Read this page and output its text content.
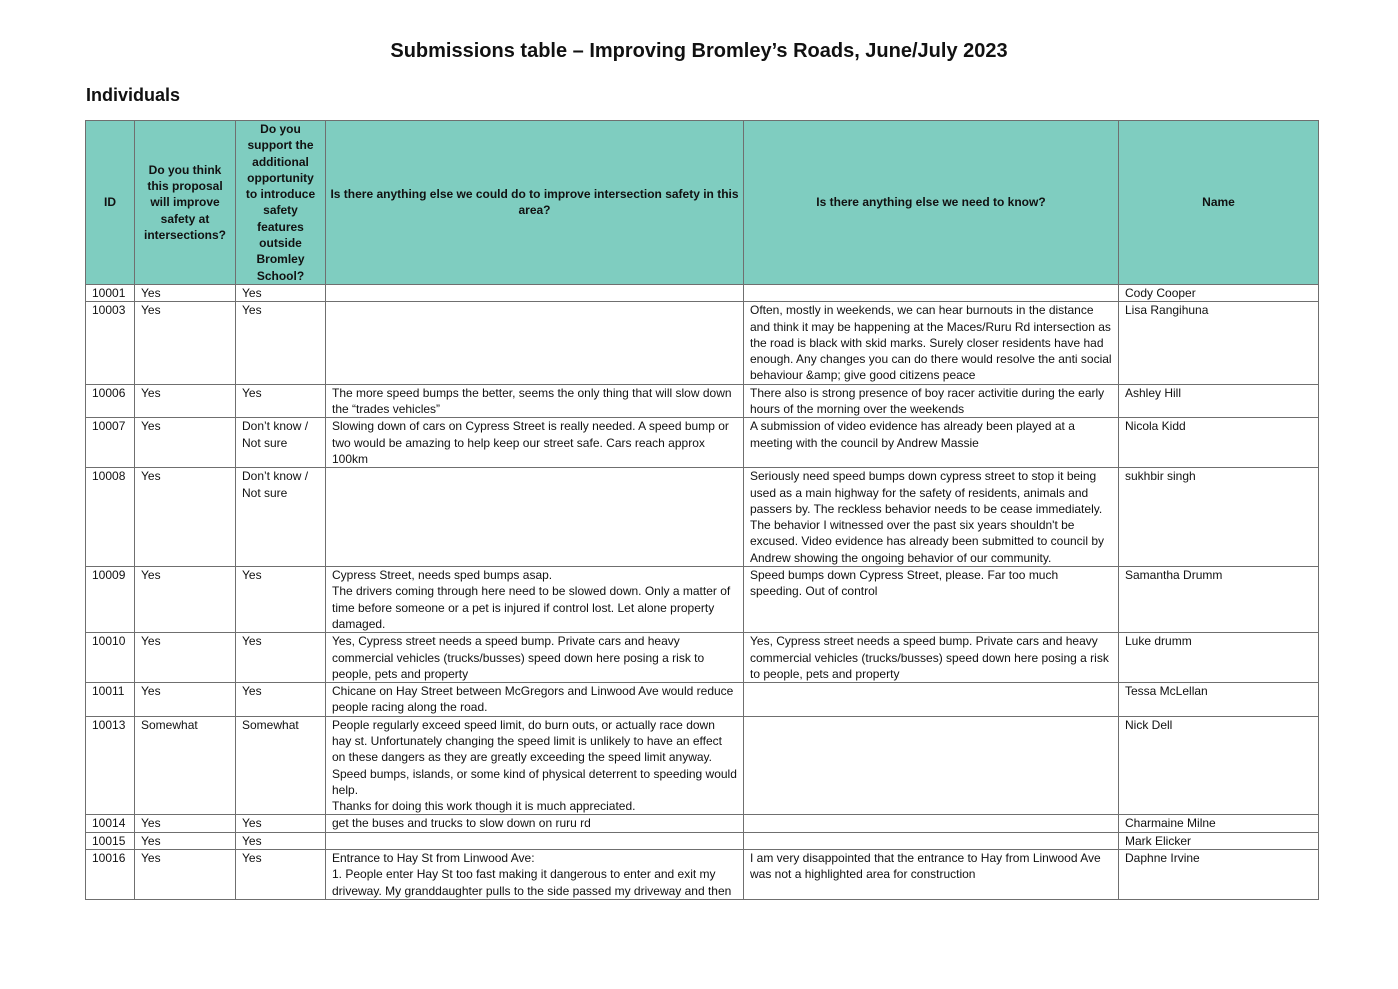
Submissions table – Improving Bromley’s Roads, June/July 2023
Individuals
ID	Do you think this proposal will improve safety at intersections?	Do you support the additional opportunity to introduce safety features outside Bromley School?	Is there anything else we could do to improve intersection safety in this area?	Is there anything else we need to know?	Name
10001	Yes	Yes			Cody Cooper
10003	Yes	Yes		Often, mostly in weekends, we can hear burnouts in the distance and think it may be happening at the Maces/Ruru Rd intersection as the road is black with skid marks. Surely closer residents have had enough. Any changes you can do there would resolve the anti social behaviour &amp; give good citizens peace	Lisa Rangihuna
10006	Yes	Yes	The more speed bumps the better, seems the only thing that will slow down the “trades vehicles”	There also is strong presence of boy racer activitie during the early hours of the morning over the weekends	Ashley Hill
10007	Yes	Don’t know / Not sure	Slowing down of cars on Cypress Street is really needed. A speed bump or two would be amazing to help keep our street safe. Cars reach approx 100km	A submission of video evidence has already been played at a meeting with the council by Andrew Massie	Nicola Kidd
10008	Yes	Don’t know / Not sure		Seriously need speed bumps down cypress street to stop it being used as a main highway for the safety of residents, animals and passers by. The reckless behavior needs to be cease immediately. The behavior I witnessed over the past six years shouldn't be excused. Video evidence has already been submitted to council by Andrew showing the ongoing behavior of our community.	sukhbir singh
10009	Yes	Yes	Cypress Street, needs sped bumps asap.
The drivers coming through here need to be slowed down. Only a matter of time before someone or a pet is injured if control lost. Let alone property damaged.	Speed bumps down Cypress Street, please. Far too much speeding. Out of control	Samantha Drumm
10010	Yes	Yes	Yes, Cypress street needs a speed bump. Private cars and heavy commercial vehicles (trucks/busses) speed down here posing a risk to people, pets and property	Yes, Cypress street needs a speed bump. Private cars and heavy commercial vehicles (trucks/busses) speed down here posing a risk to people, pets and property	Luke drumm
10011	Yes	Yes	Chicane on Hay Street between McGregors and Linwood Ave would reduce people racing along the road.		Tessa McLellan
10013	Somewhat	Somewhat	People regularly exceed speed limit, do burn outs, or actually race down hay st. Unfortunately changing the speed limit is unlikely to have an effect on these dangers as they are greatly exceeding the speed limit anyway. Speed bumps, islands, or some kind of physical deterrent to speeding would help.
Thanks for doing this work though it is much appreciated.		Nick Dell
10014	Yes	Yes	get the buses and trucks to slow down on ruru rd		Charmaine Milne
10015	Yes	Yes			Mark Elicker
10016	Yes	Yes	Entrance to Hay St from Linwood Ave:
1. People enter Hay St too fast making it dangerous to enter and exit my driveway. My granddaughter pulls to the side passed my driveway and then	I am very disappointed that the entrance to Hay from Linwood Ave was not a highlighted area for construction	Daphne Irvine
